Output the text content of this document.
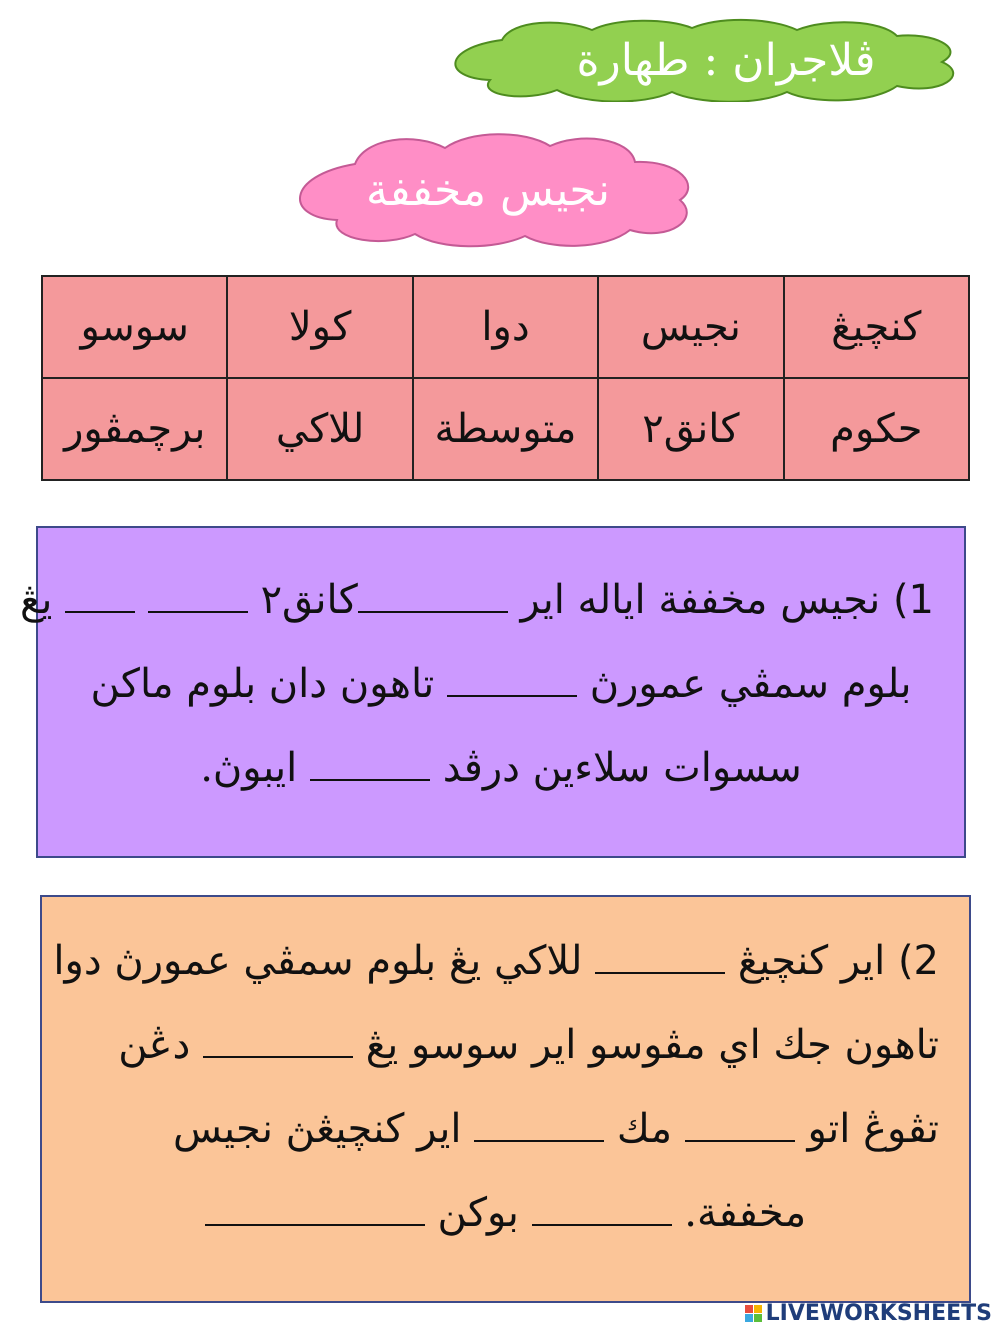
ڤلاجران : طهارة
نجيس مخففة
كنچيڠ	نجيس	دوا	كولا	سوسو
حكوم	كانق٢	متوسطة	للاكي	برچمڤور
1) نجيس مخففة اياله اير كانق٢   يڠ
بلوم سمڤي عمورڽ  تاهون دان بلوم ماكن
سسوات سلاءين درڤد  ايبوڽ.
2) اير كنچيڠ  للاكي يڠ بلوم سمڤي عمورڽ دوا
تاهون جك اي مڤوسو اير سوسو يڠ  دڠن
تڤوڠ اتو  مك  اير كنچيڠڽ نجيس
مخففة.  بوكن
LIVEWORKSHEETS
